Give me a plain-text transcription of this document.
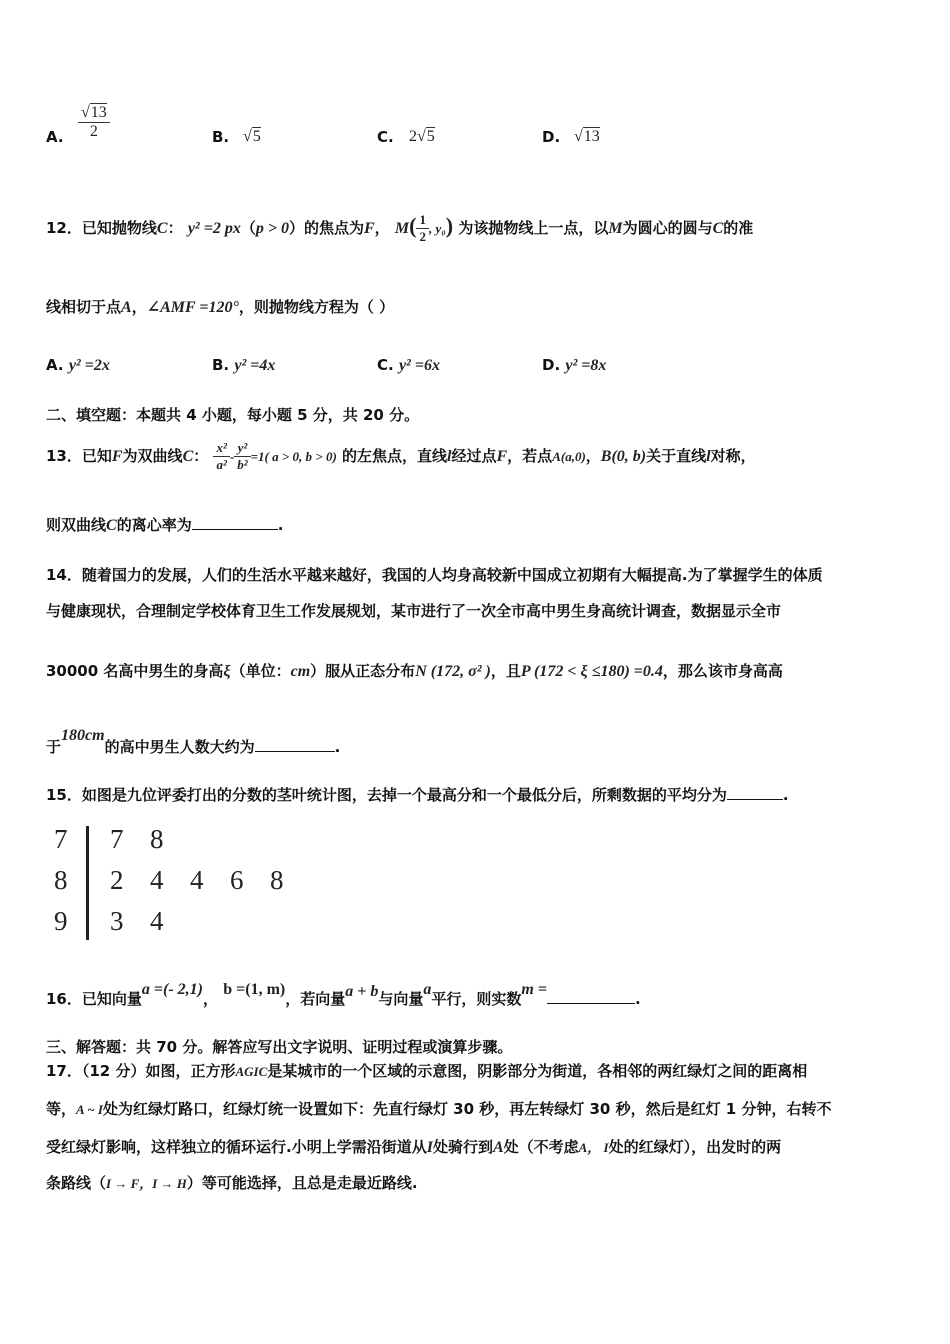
A. $\frac{√13}{2}$	B. √5	C. 2√5	D. √13
12．已知抛物线C： y² =2 px（p > 0）的焦点为F， $M( \frac{1}{2}$ , y₀) 为该抛物线上一点，以M为圆心的圆与C的准
线相切于点A，∠AMF =120°，则抛物线方程为（ ）
A. y² =2x	B. y² =4x	C. y² =6x	D. y² =8x
二、填空题：本题共 4 小题，每小题 5 分，共 20 分。
13．已知F为双曲线C： $\frac{\text{x²}}{\text{a²}} - \frac{\text{y²}}{\text{b²}} =1$( a > 0, b > 0) 的左焦点，直线l经过点F，若点A(a,0)，B(0, b)关于直线l对称，
则双曲线C的离心率为	.
14．随着国力的发展，人们的生活水平越来越好，我国的人均身高较新中国成立初期有大幅提高.为了掌握学生的体质
与健康现状，合理制定学校体育卫生工作发展规划，某市进行了一次全市高中男生身高统计调查，数据显示全市
30000 名高中男生的身高ξ（单位：cm）服从正态分布N (172, σ² )，且P (172 < ξ ≤180) =0.4，那么该市身高高
于180cm的高中男生人数大约为	.
15．如图是九位评委打出的分数的茎叶统计图，去掉一个最高分和一个最低分后，所剩数据的平均分为	.
7 7 8
8 2 4 4 6 8
9 3 4
16．已知向量a =(- 2,1)， b =(1, m)，若向量a + b与向量a平行，则实数m =.
三、解答题：共 70 分。解答应写出文字说明、证明过程或演算步骤。
17．（12 分）如图，正方形AGIC是某城市的一个区域的示意图，阴影部分为街道，各相邻的两红绿灯之间的距离相
等，A ~ I处为红绿灯路口，红绿灯统一设置如下：先直行绿灯 30 秒，再左转绿灯 30 秒，然后是红灯 1 分钟，右转不
受红绿灯影响，这样独立的循环运行.小明上学需沿街道从I处骑行到A处（不考虑A， I处的红绿灯），出发时的两
条路线（I → F，I → H）等可能选择，且总是走最近路线.
